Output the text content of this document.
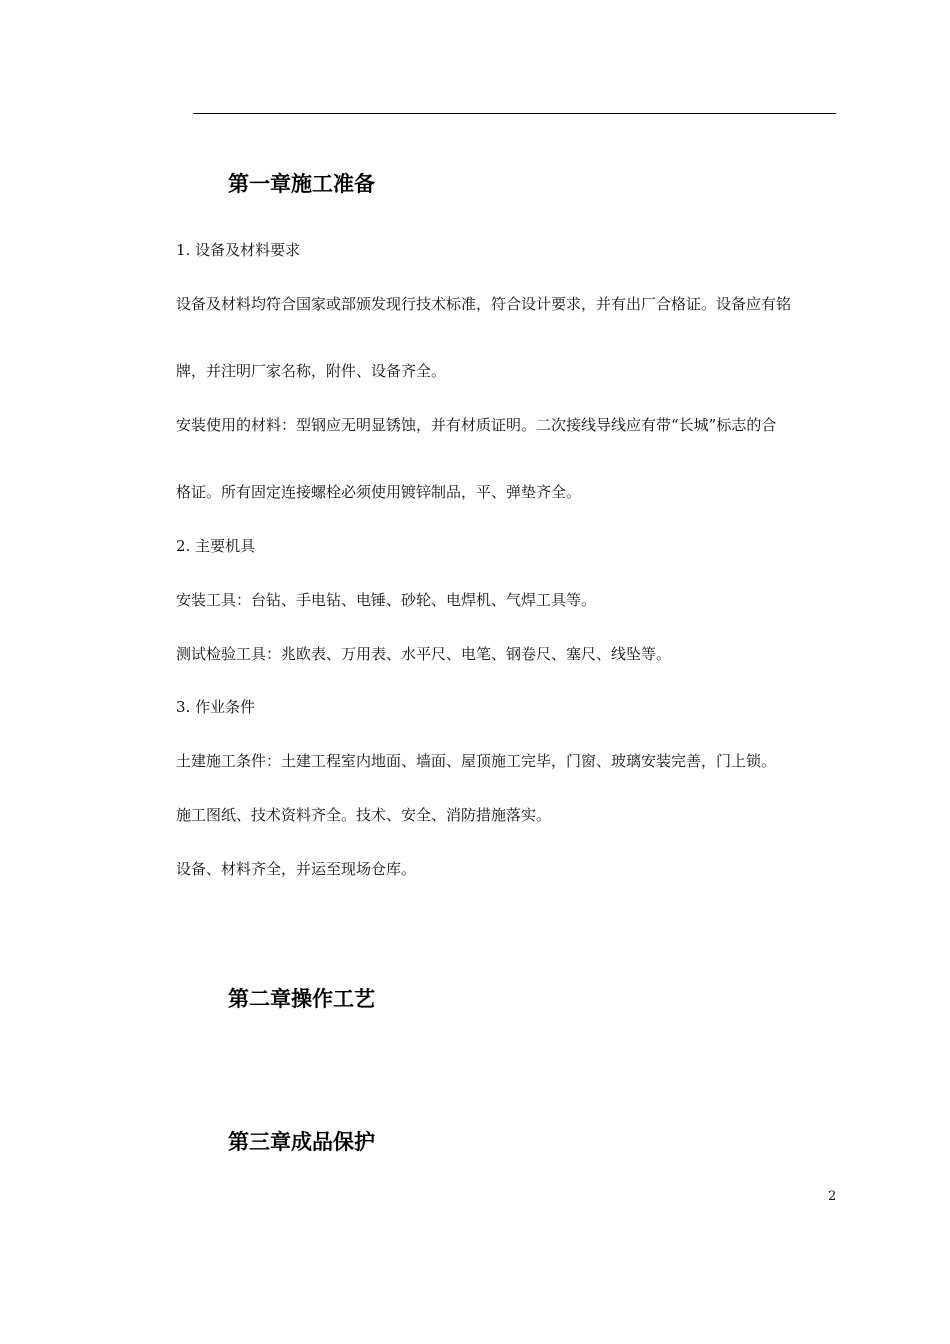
第一章施工准备
1. 设备及材料要求
设备及材料均符合国家或部颁发现行技术标准，符合设计要求，并有出厂合格证。设备应有铭
牌，并注明厂家名称，附件、设备齐全。
安装使用的材料：型钢应无明显锈蚀，并有材质证明。二次接线导线应有带“长城”标志的合
格证。所有固定连接螺栓必须使用镀锌制品，平、弹垫齐全。
2. 主要机具
安装工具：台钻、手电钻、电锤、砂轮、电焊机、气焊工具等。
测试检验工具：兆欧表、万用表、水平尺、电笔、钢卷尺、塞尺、线坠等。
3. 作业条件
土建施工条件：土建工程室内地面、墙面、屋顶施工完毕，门窗、玻璃安装完善，门上锁。
施工图纸、技术资料齐全。技术、安全、消防措施落实。
设备、材料齐全，并运至现场仓库。
第二章操作工艺
第三章成品保护
2
